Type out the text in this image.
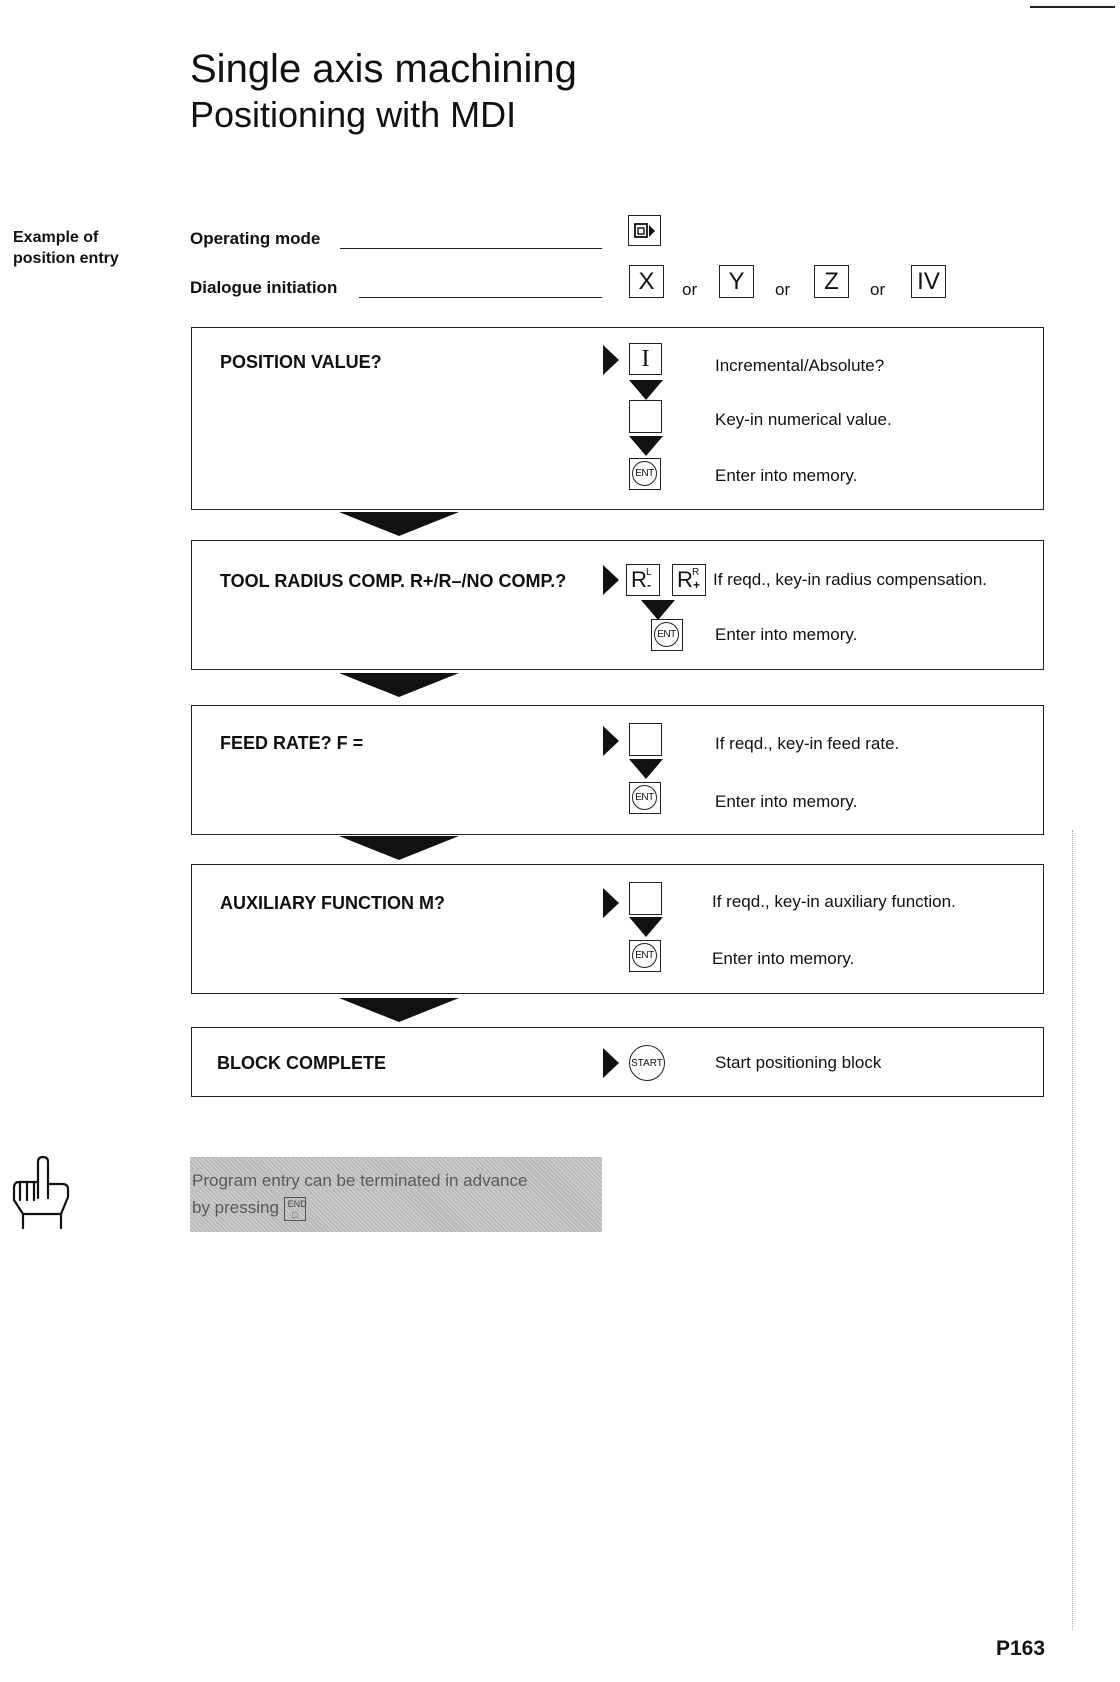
Single axis machining
Positioning with MDI
Example of
position entry
Operating mode
Dialogue initiation	X	or	Y	or	Z	or IV
POSITION VALUE?	Incremental/Absolute?
Key-in numerical value.
Enter into memory.
I
ENT
TOOL RADIUS COMP. R+/R–/NO COMP.?	If reqd., key-in radius compensation.
Enter into memory.
R L
- R R
+
ENT
FEED RATE? F =	If reqd., key-in feed rate.
Enter into memory.
ENT
AUXILIARY FUNCTION M?	If reqd., key-in auxiliary function.
Enter into memory.
ENT
BLOCK COMPLETE	Start positioning block
START
Program entry can be terminated in advance
by pressing END
□
P163
